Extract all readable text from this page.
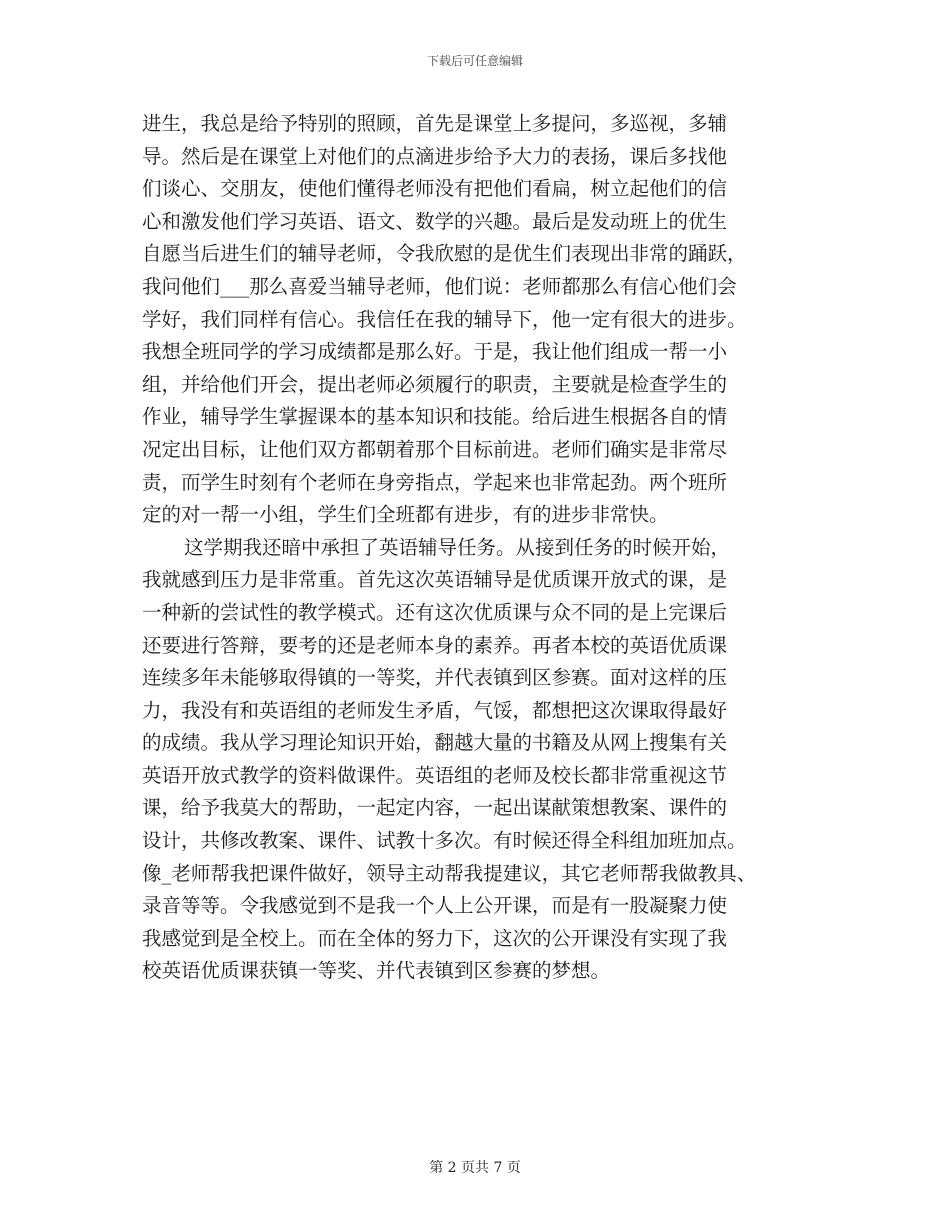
下载后可任意编辑
进生，我总是给予特别的照顾，首先是课堂上多提问，多巡视，多辅
导。然后是在课堂上对他们的点滴进步给予大力的表扬，课后多找他
们谈心、交朋友，使他们懂得老师没有把他们看扁，树立起他们的信
心和激发他们学习英语、语文、数学的兴趣。最后是发动班上的优生
自愿当后进生们的辅导老师，令我欣慰的是优生们表现出非常的踊跃，
我问他们___那么喜爱当辅导老师，他们说：老师都那么有信心他们会
学好，我们同样有信心。我信任在我的辅导下，他一定有很大的进步。
我想全班同学的学习成绩都是那么好。于是，我让他们组成一帮一小
组，并给他们开会，提出老师必须履行的职责，主要就是检查学生的
作业，辅导学生掌握课本的基本知识和技能。给后进生根据各自的情
况定出目标，让他们双方都朝着那个目标前进。老师们确实是非常尽
责，而学生时刻有个老师在身旁指点，学起来也非常起劲。两个班所
定的对一帮一小组，学生们全班都有进步，有的进步非常快。
这学期我还暗中承担了英语辅导任务。从接到任务的时候开始，
我就感到压力是非常重。首先这次英语辅导是优质课开放式的课，是
一种新的尝试性的教学模式。还有这次优质课与众不同的是上完课后
还要进行答辩，要考的还是老师本身的素养。再者本校的英语优质课
连续多年未能够取得镇的一等奖，并代表镇到区参赛。面对这样的压
力，我没有和英语组的老师发生矛盾，气馁，都想把这次课取得最好
的成绩。我从学习理论知识开始，翻越大量的书籍及从网上搜集有关
英语开放式教学的资料做课件。英语组的老师及校长都非常重视这节
课，给予我莫大的帮助，一起定内容，一起出谋献策想教案、课件的
设计，共修改教案、课件、试教十多次。有时候还得全科组加班加点。
像_老师帮我把课件做好，领导主动帮我提建议，其它老师帮我做教具、
录音等等。令我感觉到不是我一个人上公开课，而是有一股凝聚力使
我感觉到是全校上。而在全体的努力下，这次的公开课没有实现了我
校英语优质课获镇一等奖、并代表镇到区参赛的梦想。
第 2 页共 7 页
